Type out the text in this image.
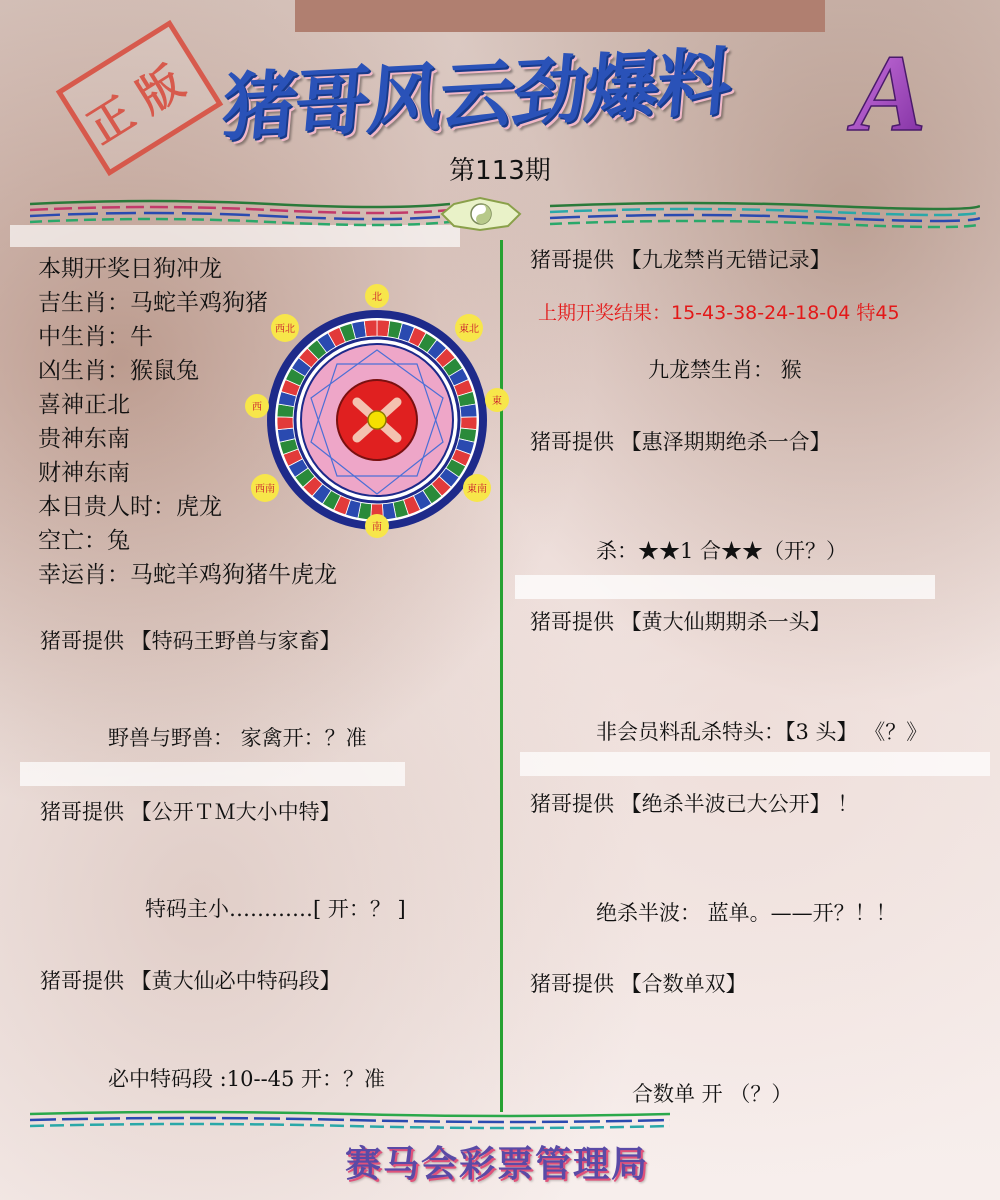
正版 猪哥风云劲爆料	A
第113期
本期开奖日狗冲龙
吉生肖：马蛇羊鸡狗猪
中生肖：牛
凶生肖：猴鼠兔
喜神正北
贵神东南
财神东南
本日贵人时：虎龙
空亡：兔
幸运肖：马蛇羊鸡狗猪牛虎龙
北
西北	東北
西
東
西南	東南
南
猪哥提供 【特码王野兽与家畜】
野兽与野兽： 家禽开：？准
猪哥提供 【公开ＴＭ大小中特】
特码主小…………[ 开：？ ]
猪哥提供 【黄大仙必中特码段】
必中特码段 :10--45 开：？准
猪哥提供 【九龙禁肖无错记录】
上期开奖结果：15-43-38-24-18-04 特45
九龙禁生肖： 猴
猪哥提供 【惠泽期期绝杀一合】
杀：★★1 合★★（开？）
猪哥提供 【黄大仙期期杀一头】
非会员料乱杀特头：【3 头】 《？》
猪哥提供 【绝杀半波已大公开】 ！
绝杀半波： 蓝单。——开？！！
猪哥提供 【合数单双】
合数单 开 （？）
赛马会彩票管理局
